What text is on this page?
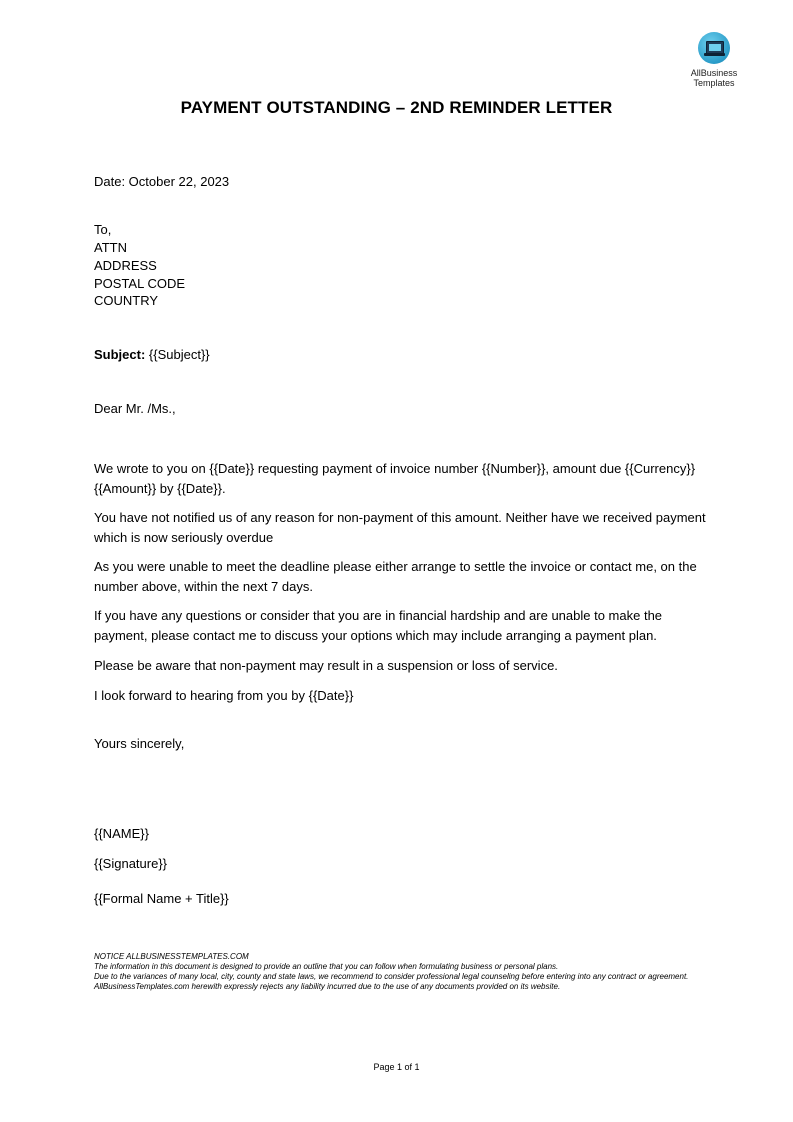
AllBusiness
Templates
PAYMENT OUTSTANDING – 2ND REMINDER LETTER
Date: October 22, 2023
To,
ATTN
ADDRESS
POSTAL CODE
COUNTRY
Subject: {{Subject}}
Dear Mr. /Ms.,
We wrote to you on {{Date}} requesting payment of invoice number {{Number}}, amount due {{Currency}}{{Amount}} by {{Date}}.
You have not notified us of any reason for non-payment of this amount. Neither have we received payment which is now seriously overdue
As you were unable to meet the deadline please either arrange to settle the invoice or contact me, on the number above, within the next 7 days.
If you have any questions or consider that you are in financial hardship and are unable to make the payment, please contact me to discuss your options which may include arranging a payment plan.
Please be aware that non-payment may result in a suspension or loss of service.
I look forward to hearing from you by {{Date}}
Yours sincerely,
{{NAME}}
{{Signature}}
{{Formal Name + Title}}
NOTICE ALLBUSINESSTEMPLATES.COM
The information in this document is designed to provide an outline that you can follow when formulating business or personal plans.
Due to the variances of many local, city, county and state laws, we recommend to consider professional legal counseling before entering into any contract or agreement. AllBusinessTemplates.com herewith expressly rejects any liability incurred due to the use of any documents provided on its website.
Page 1 of 1
